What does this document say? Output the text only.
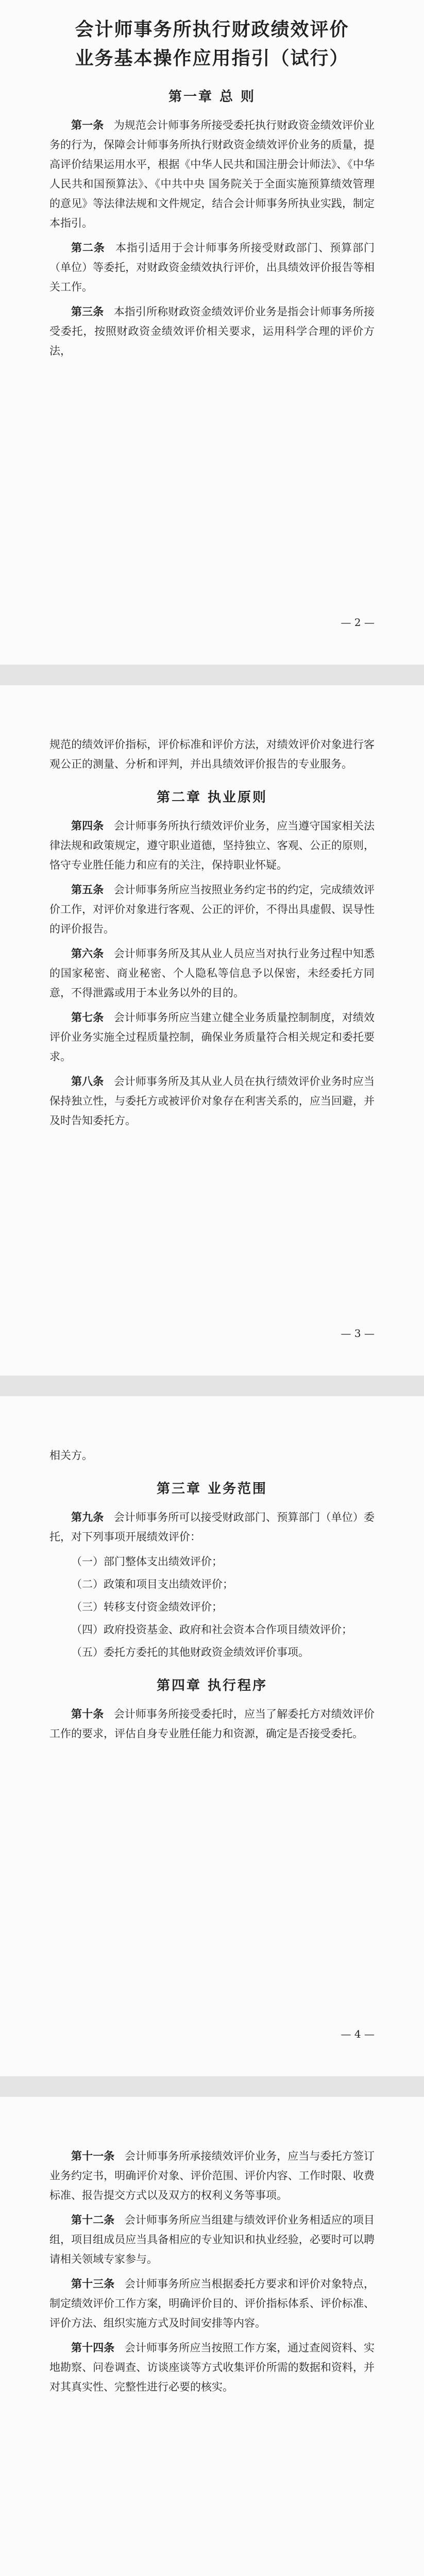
会计师事务所执行财政绩效评价
业务基本操作应用指引（试行）
第一章 总 则

第一条 为规范会计师事务所接受委托执行财政资金绩效评价业务的行为，保障会计师事务所执行财政资金绩效评价业务的质量，提高评价结果运用水平，根据《中华人民共和国注册会计师法》、《中华人民共和国预算法》、《中共中央 国务院关于全面实施预算绩效管理的意见》等法律法规和文件规定，结合会计师事务所执业实践，制定本指引。

第二条 本指引适用于会计师事务所接受财政部门、预算部门（单位）等委托，对财政资金绩效执行评价，出具绩效评价报告等相关工作。

第三条 本指引所称财政资金绩效评价业务是指会计师事务所接受委托，按照财政资金绩效评价相关要求，运用科学合理的评价方法，

— 2 —

规范的绩效评价指标，评价标准和评价方法，对绩效评价对象进行客观公正的测量、分析和评判，并出具绩效评价报告的专业服务。

第二章 执业原则

第四条 会计师事务所执行绩效评价业务，应当遵守国家相关法律法规和政策规定，遵守职业道德，坚持独立、客观、公正的原则，恪守专业胜任能力和应有的关注，保持职业怀疑。

第五条 会计师事务所应当按照业务约定书的约定，完成绩效评价工作，对评价对象进行客观、公正的评价，不得出具虚假、误导性的评价报告。

第六条 会计师事务所及其从业人员应当对执行业务过程中知悉的国家秘密、商业秘密、个人隐私等信息予以保密，未经委托方同意，不得泄露或用于本业务以外的目的。

第七条 会计师事务所应当建立健全业务质量控制制度，对绩效评价业务实施全过程质量控制，确保业务质量符合相关规定和委托要求。

第八条 会计师事务所及其从业人员在执行绩效评价业务时应当保持独立性，与委托方或被评价对象存在利害关系的，应当回避，并及时告知委托方。

— 3 —

相关方。

第三章 业务范围

第九条 会计师事务所可以接受财政部门、预算部门（单位）委托，对下列事项开展绩效评价：

（一）部门整体支出绩效评价；
（二）政策和项目支出绩效评价；
（三）转移支付资金绩效评价；
（四）政府投资基金、政府和社会资本合作项目绩效评价；
（五）委托方委托的其他财政资金绩效评价事项。
第四章 执行程序

第十条 会计师事务所接受委托时，应当了解委托方对绩效评价工作的要求，评估自身专业胜任能力和资源，确定是否接受委托。

— 4 —

第十一条 会计师事务所承接绩效评价业务，应当与委托方签订业务约定书，明确评价对象、评价范围、评价内容、工作时限、收费标准、报告提交方式以及双方的权利义务等事项。

第十二条 会计师事务所应当组建与绩效评价业务相适应的项目组，项目组成员应当具备相应的专业知识和执业经验，必要时可以聘请相关领域专家参与。

第十三条 会计师事务所应当根据委托方要求和评价对象特点，制定绩效评价工作方案，明确评价目的、评价指标体系、评价标准、评价方法、组织实施方式及时间安排等内容。

第十四条 会计师事务所应当按照工作方案，通过查阅资料、实地勘察、问卷调查、访谈座谈等方式收集评价所需的数据和资料，并对其真实性、完整性进行必要的核实。
